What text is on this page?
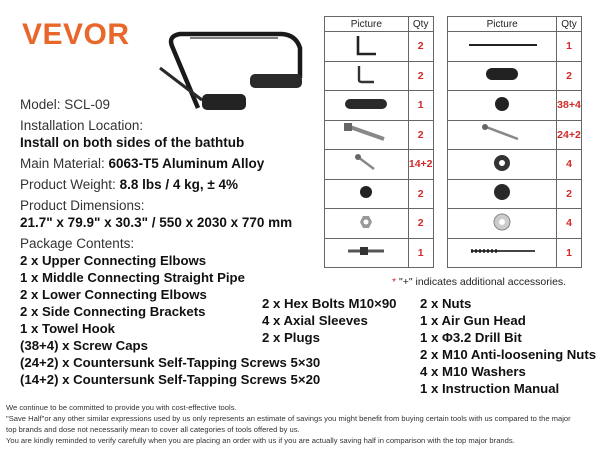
VEVOR
Model: SCL-09
Installation Location:
Install on both sides of the bathtub
Main Material: 6063-T5 Aluminum Alloy
Product Weight: 8.8 lbs / 4 kg, ± 4%
Product Dimensions:
21.7" x 79.9" x 30.3" / 550 x 2030 x 770 mm
Package Contents:
2 x Upper Connecting Elbows
1 x Middle Connecting Straight Pipe
2 x Lower Connecting Elbows
2 x Side Connecting Brackets
1 x Towel Hook
(38+4) x Screw Caps
(24+2) x Countersunk Self-Tapping Screws 5×30
(14+2) x Countersunk Self-Tapping Screws 5×20
2 x Hex Bolts M10×90
4 x Axial Sleeves
2 x Plugs
2 x Nuts
1 x Air Gun Head
1 x Φ3.2 Drill Bit
2 x M10 Anti-loosening Nuts
4 x M10 Washers
1 x Instruction Manual
Picture	Qty		Picture	Qty
	2			1
	2			2
	1			38+4
	2			24+2
	14+2			4
	2			2
	2			4
	1			1
* "+" indicates additional accessories.
We continue to be committed to provide you with cost-effective tools.
"Save Half"or any other similar expressions used by us only represents an estimate of savings you might benefit from buying certain tools with us compared to the major
top brands and dose not necessarily mean to cover all categories of tools offered by us.
You are kindly reminded to verify carefully when you are placing an order with us if you are actually saving half in comparison with the top major brands.
